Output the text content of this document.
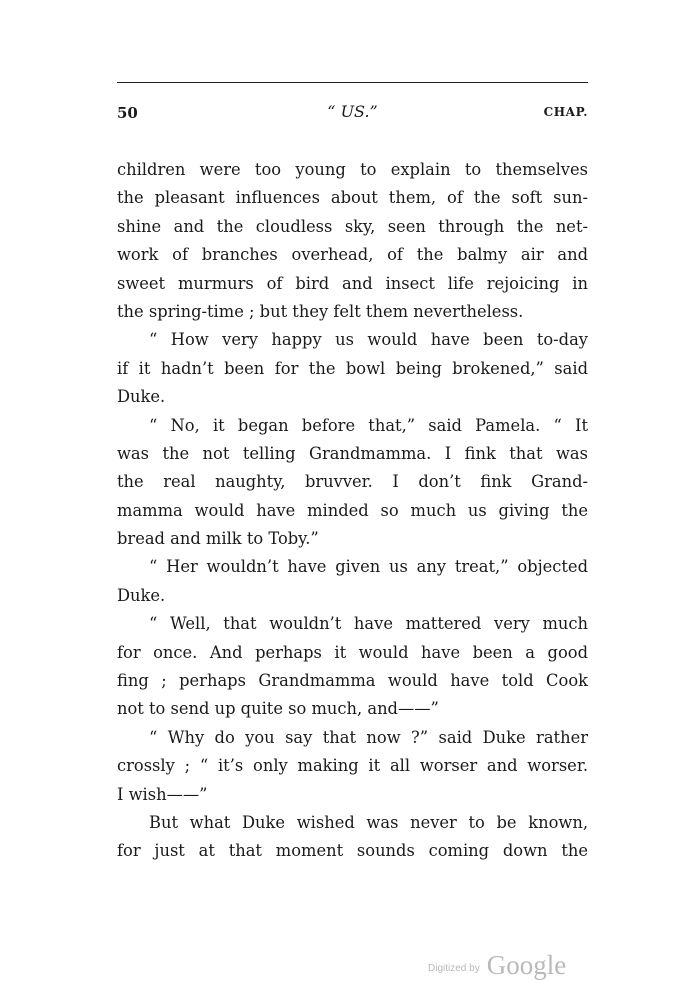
50	“ US.”	CHAP.
children were too young to explain to themselves
the pleasant influences about them, of the soft sun-
shine and the cloudless sky, seen through the net-
work of branches overhead, of the balmy air and
sweet murmurs of bird and insect life rejoicing in
the spring-time ; but they felt them nevertheless.
“ How very happy us would have been to-day
if it hadn’t been for the bowl being brokened,” said
Duke.
“ No, it began before that,” said Pamela. “ It
was the not telling Grandmamma. I fink that was
the real naughty, bruvver. I don’t fink Grand-
mamma would have minded so much us giving the
bread and milk to Toby.”
“ Her wouldn’t have given us any treat,” objected
Duke.
“ Well, that wouldn’t have mattered very much
for once. And perhaps it would have been a good
fing ; perhaps Grandmamma would have told Cook
not to send up quite so much, and——”
“ Why do you say that now ?” said Duke rather
crossly ; “ it’s only making it all worser and worser.
I wish——”
But what Duke wished was never to be known,
for just at that moment sounds coming down the
Digitized by Google
